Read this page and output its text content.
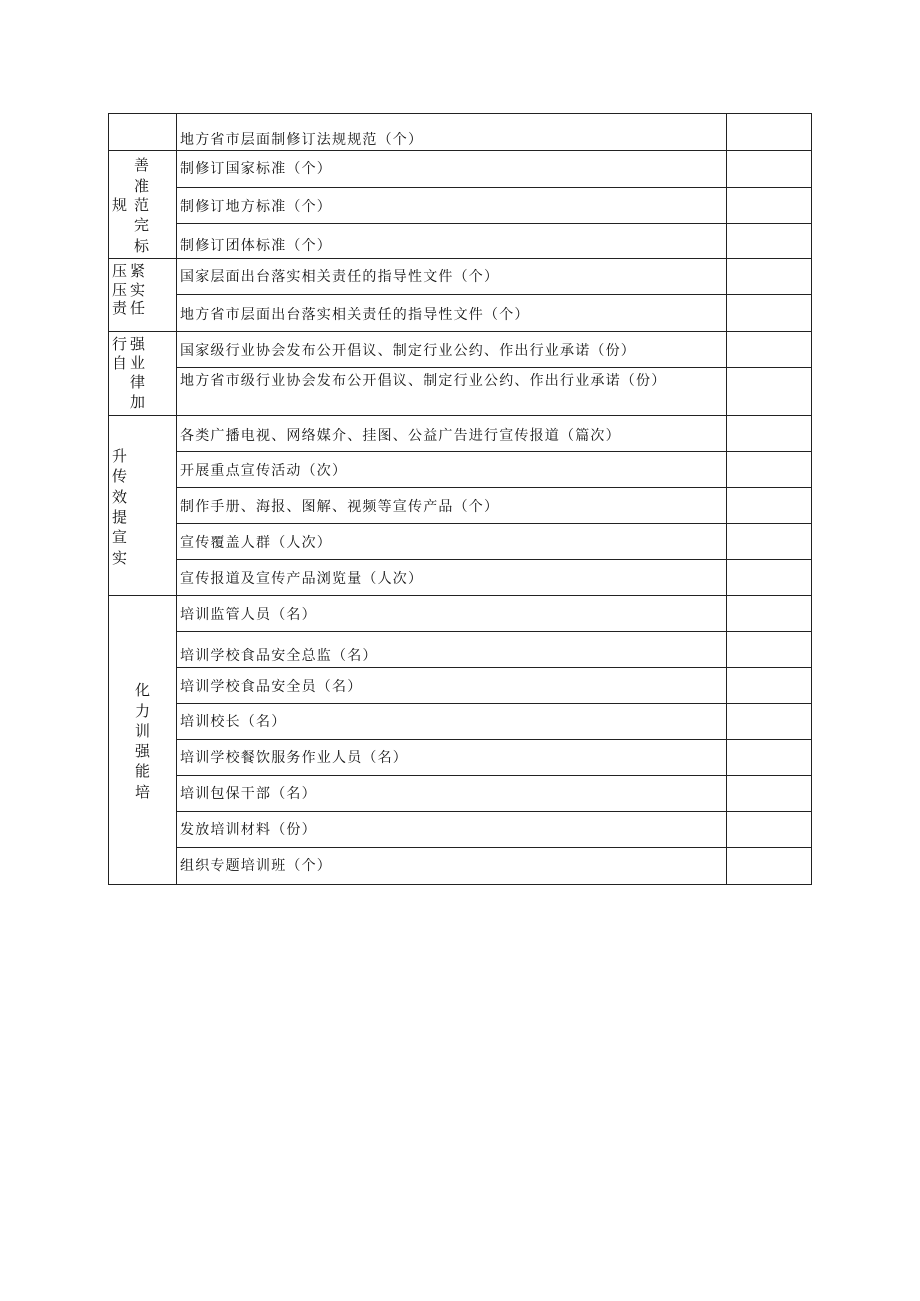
善
准
规 范
完
标
压 紧
压 实
责 任
行 强
自 业
律
加
升
传
效
提
宣
实
化
力
训
强
能
培
地方省市层面制修订法规规范（个）
制修订国家标准（个）
制修订地方标准（个）
制修订团体标准（个）
国家层面出台落实相关责任的指导性文件（个）
地方省市层面出台落实相关责任的指导性文件（个）
国家级行业协会发布公开倡议、制定行业公约、作出行业承诺（份）
地方省市级行业协会发布公开倡议、制定行业公约、作出行业承诺（份）
各类广播电视、网络媒介、挂图、公益广告进行宣传报道（篇次）
开展重点宣传活动（次）
制作手册、海报、图解、视频等宣传产品（个）
宣传覆盖人群（人次）
宣传报道及宣传产品浏览量（人次）
培训监管人员（名）
培训学校食品安全总监（名）
培训学校食品安全员（名）
培训校长（名）
培训学校餐饮服务作业人员（名）
培训包保干部（名）
发放培训材料（份）
组织专题培训班（个）
